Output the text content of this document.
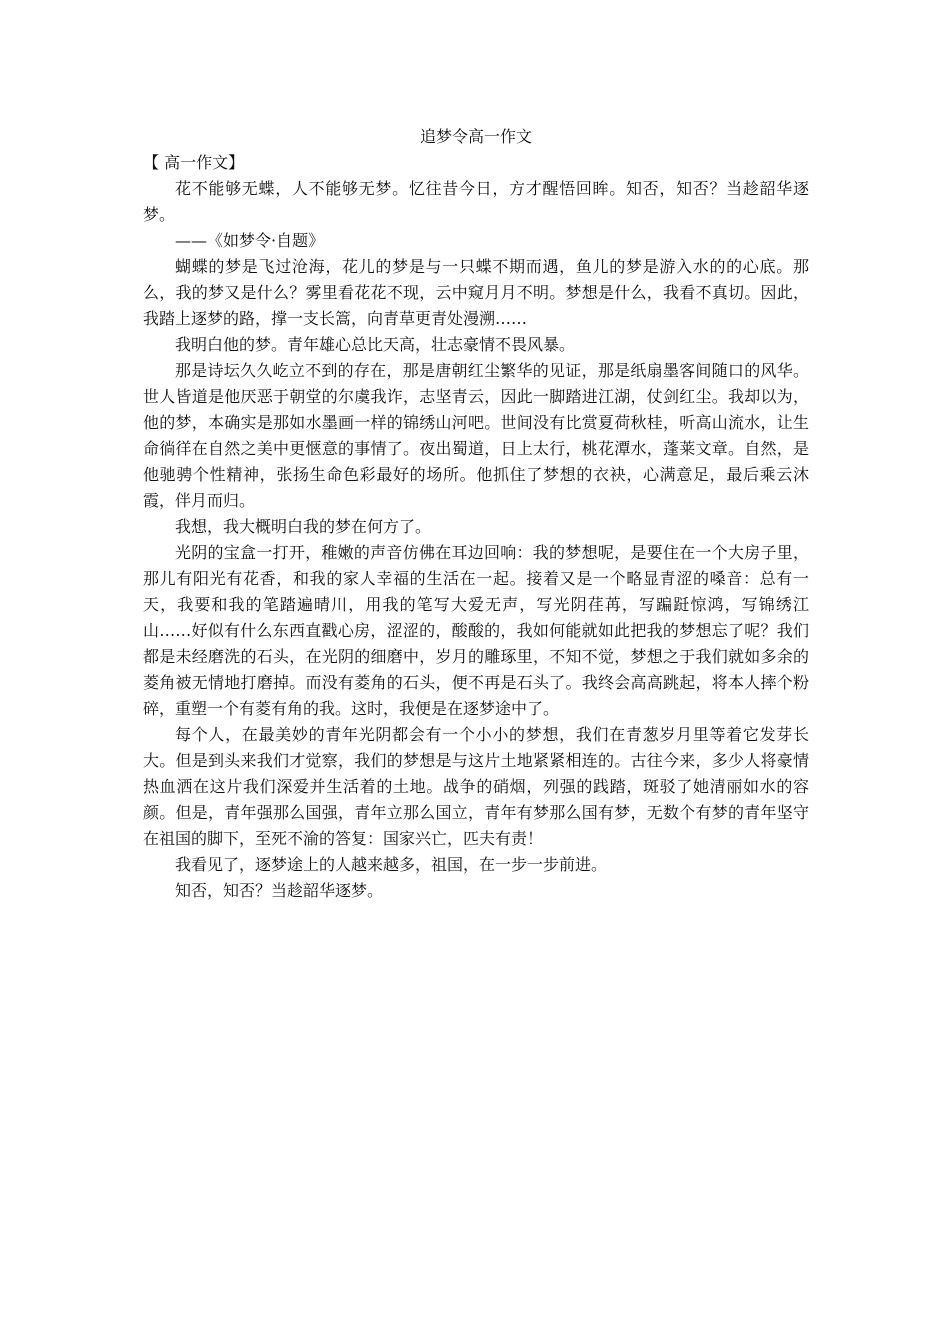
追梦令高一作文

【 高一作文】

花不能够无蝶，人不能够无梦。忆往昔今日，方才醒悟回眸。知否，知否？当趁韶华逐梦。

——《如梦令·自题》

蝴蝶的梦是飞过沧海，花儿的梦是与一只蝶不期而遇，鱼儿的梦是游入水的的心底。那么，我的梦又是什么？雾里看花花不现，云中窥月月不明。梦想是什么，我看不真切。因此，我踏上逐梦的路，撑一支长篙，向青草更青处漫溯……

我明白他的梦。青年雄心总比天高，壮志豪情不畏风暴。

那是诗坛久久屹立不到的存在，那是唐朝红尘繁华的见证，那是纸扇墨客间随口的风华。世人皆道是他厌恶于朝堂的尔虞我诈，志坚青云，因此一脚踏进江湖，仗剑红尘。我却以为，他的梦，本确实是那如水墨画一样的锦绣山河吧。世间没有比赏夏荷秋桂，听高山流水，让生命徜徉在自然之美中更惬意的事情了。夜出蜀道，日上太行，桃花潭水，蓬莱文章。自然，是他驰骋个性精神，张扬生命色彩最好的场所。他抓住了梦想的衣袂，心满意足，最后乘云沐霞，伴月而归。

我想，我大概明白我的梦在何方了。

光阴的宝盒一打开，稚嫩的声音仿佛在耳边回响：我的梦想呢，是要住在一个大房子里，那儿有阳光有花香，和我的家人幸福的生活在一起。接着又是一个略显青涩的嗓音：总有一天，我要和我的笔踏遍晴川，用我的笔写大爱无声，写光阴荏苒，写蹁跹惊鸿，写锦绣江山……好似有什么东西直戳心房，涩涩的，酸酸的，我如何能就如此把我的梦想忘了呢？我们都是未经磨洗的石头，在光阴的细磨中，岁月的雕琢里，不知不觉，梦想之于我们就如多余的菱角被无情地打磨掉。而没有菱角的石头，便不再是石头了。我终会高高跳起，将本人摔个粉碎，重塑一个有菱有角的我。这时，我便是在逐梦途中了。

每个人，在最美妙的青年光阴都会有一个小小的梦想，我们在青葱岁月里等着它发芽长大。但是到头来我们才觉察，我们的梦想是与这片土地紧紧相连的。古往今来，多少人将豪情热血洒在这片我们深爱并生活着的土地。战争的硝烟，列强的践踏，斑驳了她清丽如水的容颜。但是，青年强那么国强，青年立那么国立，青年有梦那么国有梦，无数个有梦的青年坚守在祖国的脚下，至死不渝的答复：国家兴亡，匹夫有责！

我看见了，逐梦途上的人越来越多，祖国，在一步一步前进。

知否，知否？当趁韶华逐梦。
